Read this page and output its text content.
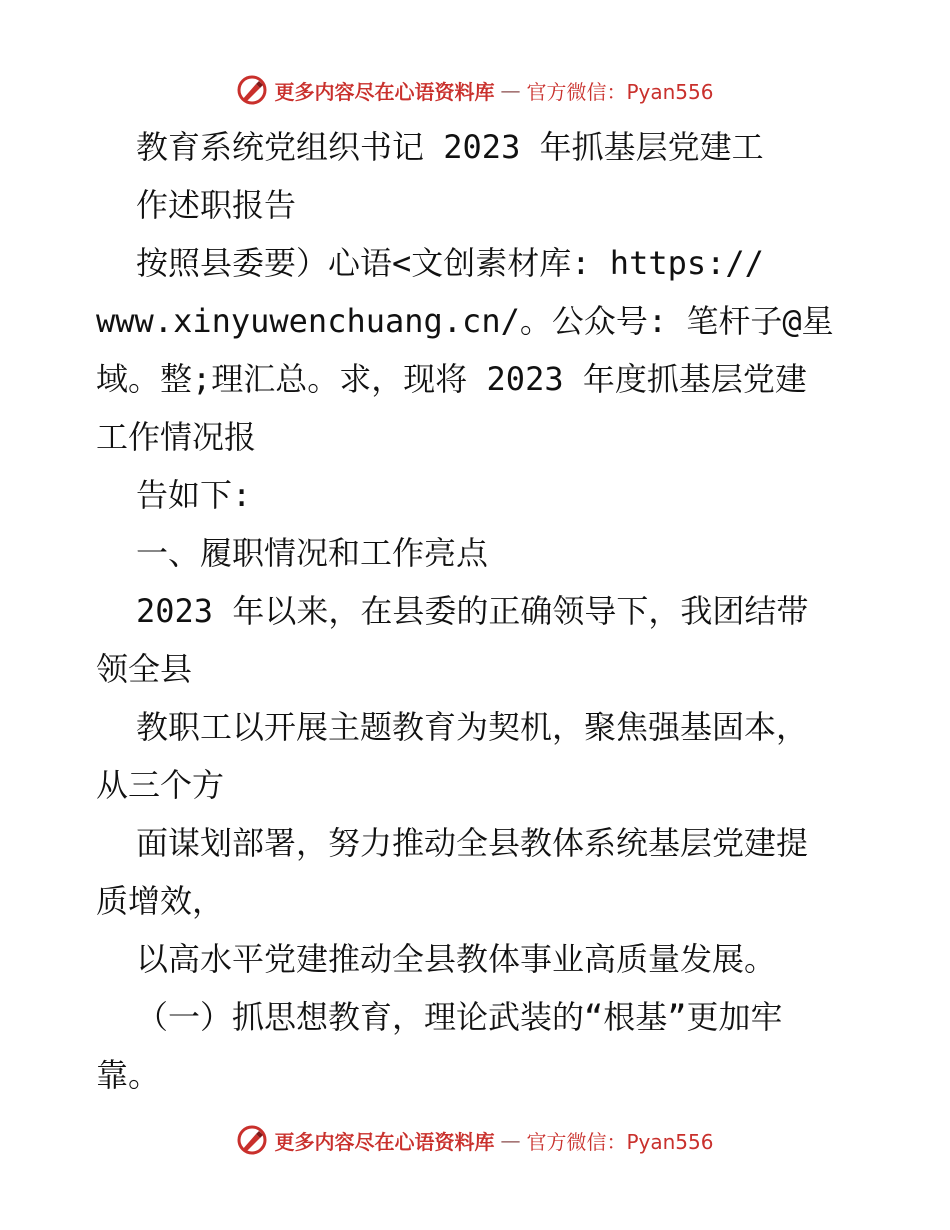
更多内容尽在心语资料库 — 官方微信：Pyan556
教育系统党组织书记 2023 年抓基层党建工
作述职报告
按照县委要）心语<文创素材库: https://
www.xinyuwenchuang.cn/。公众号: 笔杆子@星
域。整;理汇总。求，现将 2023 年度抓基层党建
工作情况报
告如下:
一、履职情况和工作亮点
2023 年以来，在县委的正确领导下，我团结带
领全县
教职工以开展主题教育为契机，聚焦强基固本，
从三个方
面谋划部署，努力推动全县教体系统基层党建提
质增效，
以高水平党建推动全县教体事业高质量发展。
（一）抓思想教育，理论武装的“根基”更加牢
靠。
更多内容尽在心语资料库 — 官方微信：Pyan556
